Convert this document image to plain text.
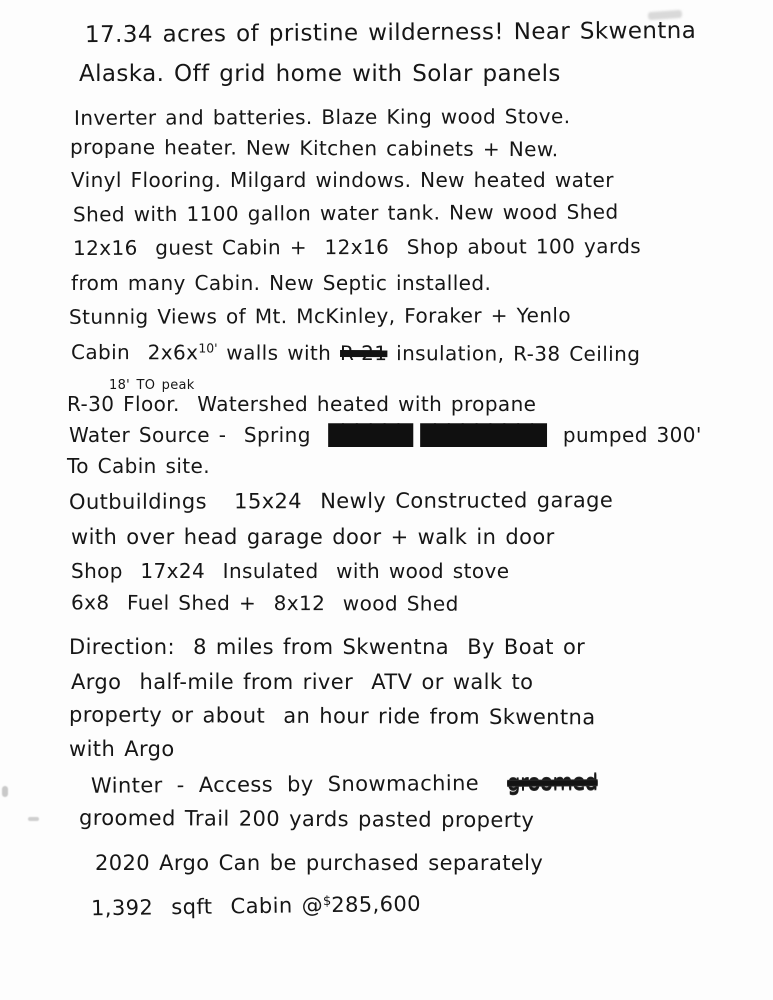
17.34 acres of pristine wilderness! Near Skwentna
Alaska. Off grid home with Solar panels
Inverter and batteries. Blaze King wood Stove.
propane heater. New Kitchen cabinets + New.
Vinyl Flooring. Milgard windows. New heated water
Shed with 1100 gallon water tank. New wood Shed
12x16  guest Cabin +  12x16  Shop about 100 yards
from many Cabin. New Septic installed.
Stunnig Views of Mt. McKinley, Foraker + Yenlo
Cabin  $2x6x^{10'}$ walls with R-21 insulation, R-38 Ceiling
18' TO peak
R-30 Floor.  Watershed heated with propane
Water Source -  Spring  ██████ █████████  pumped 300'
To Cabin site.
Outbuildings   15x24  Newly Constructed garage
with over head garage door + walk in door
Shop  17x24  Insulated  with wood stove
6x8  Fuel Shed +  8x12  wood Shed
Direction:  8 miles from Skwentna  By Boat or
Argo  half-mile from river  ATV or walk to
property or about  an hour ride from Skwentna
with Argo
Winter - Access by Snowmachine  groomed
groomed Trail 200 yards pasted property
2020 Argo Can be purchased separately
1,392  sqft  Cabin @$285,600
